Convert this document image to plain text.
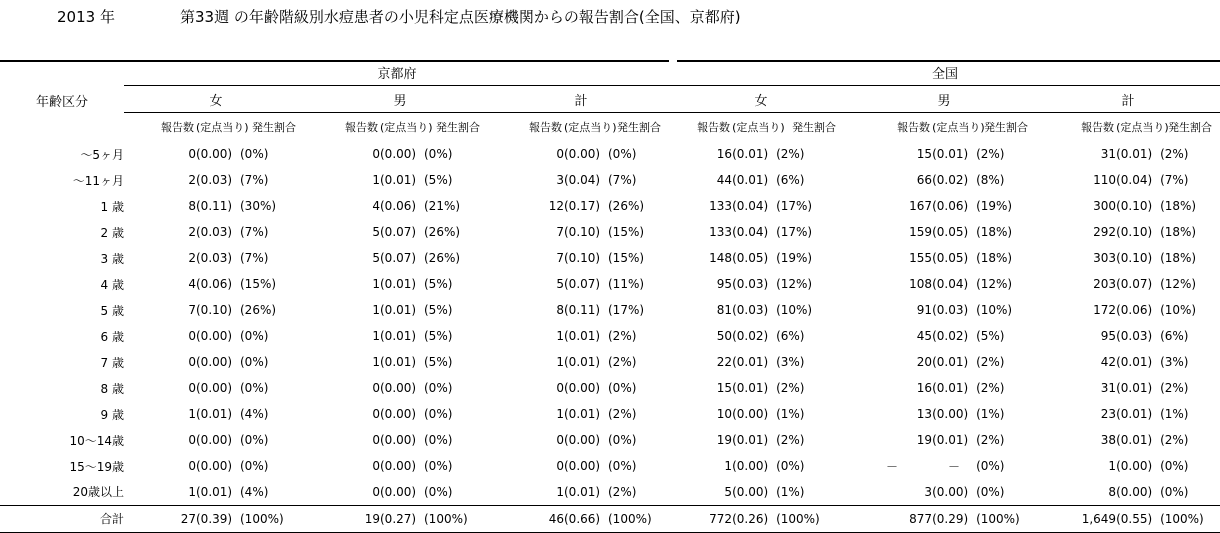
2013 年	第33週 の年齢階級別水痘患者の小児科定点医療機関からの報告割合(全国、京都府)
年齢区分	京都府									全国								
	女			男			計			女			男			計		
	報告数	(定点当り)	発生割合	報告数	(定点当り)	発生割合	報告数	(定点当り)	発生割合	報告数	(定点当り)	発生割合	報告数	(定点当り)	発生割合	報告数	(定点当り)	発生割合
～5ヶ月	0	(0.00)	(0%)	0	(0.00)	(0%)	0	(0.00)	(0%)	16	(0.01)	(2%)	15	(0.01)	(2%)	31	(0.01)	(2%)
～11ヶ月	2	(0.03)	(7%)	1	(0.01)	(5%)	3	(0.04)	(7%)	44	(0.01)	(6%)	66	(0.02)	(8%)	110	(0.04)	(7%)
1 歳	8	(0.11)	(30%)	4	(0.06)	(21%)	12	(0.17)	(26%)	133	(0.04)	(17%)	167	(0.06)	(19%)	300	(0.10)	(18%)
2 歳	2	(0.03)	(7%)	5	(0.07)	(26%)	7	(0.10)	(15%)	133	(0.04)	(17%)	159	(0.05)	(18%)	292	(0.10)	(18%)
3 歳	2	(0.03)	(7%)	5	(0.07)	(26%)	7	(0.10)	(15%)	148	(0.05)	(19%)	155	(0.05)	(18%)	303	(0.10)	(18%)
4 歳	4	(0.06)	(15%)	1	(0.01)	(5%)	5	(0.07)	(11%)	95	(0.03)	(12%)	108	(0.04)	(12%)	203	(0.07)	(12%)
5 歳	7	(0.10)	(26%)	1	(0.01)	(5%)	8	(0.11)	(17%)	81	(0.03)	(10%)	91	(0.03)	(10%)	172	(0.06)	(10%)
6 歳	0	(0.00)	(0%)	1	(0.01)	(5%)	1	(0.01)	(2%)	50	(0.02)	(6%)	45	(0.02)	(5%)	95	(0.03)	(6%)
7 歳	0	(0.00)	(0%)	1	(0.01)	(5%)	1	(0.01)	(2%)	22	(0.01)	(3%)	20	(0.01)	(2%)	42	(0.01)	(3%)
8 歳	0	(0.00)	(0%)	0	(0.00)	(0%)	0	(0.00)	(0%)	15	(0.01)	(2%)	16	(0.01)	(2%)	31	(0.01)	(2%)
9 歳	1	(0.01)	(4%)	0	(0.00)	(0%)	1	(0.01)	(2%)	10	(0.00)	(1%)	13	(0.00)	(1%)	23	(0.01)	(1%)
10～14歳	0	(0.00)	(0%)	0	(0.00)	(0%)	0	(0.00)	(0%)	19	(0.01)	(2%)	19	(0.01)	(2%)	38	(0.01)	(2%)
15～19歳	0	(0.00)	(0%)	0	(0.00)	(0%)	0	(0.00)	(0%)	1	(0.00)	(0%)	－	－	(0%)	1	(0.00)	(0%)
20歳以上	1	(0.01)	(4%)	0	(0.00)	(0%)	1	(0.01)	(2%)	5	(0.00)	(1%)	3	(0.00)	(0%)	8	(0.00)	(0%)
合計	27	(0.39)	(100%)	19	(0.27)	(100%)	46	(0.66)	(100%)	772	(0.26)	(100%)	877	(0.29)	(100%)	1,649	(0.55)	(100%)
